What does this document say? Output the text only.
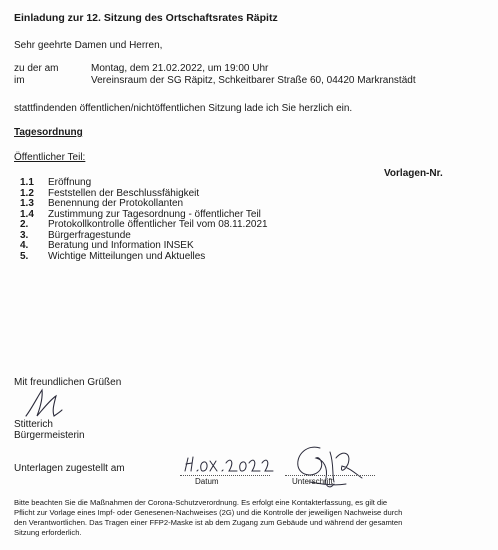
Einladung zur 12. Sitzung des Ortschaftsrates Räpitz
Sehr geehrte Damen und Herren,
zu der am	Montag, dem 21.02.2022, um 19:00 Uhr
im	Vereinsraum der SG Räpitz, Schkeitbarer Straße 60, 04420 Markranstädt
stattfindenden öffentlichen/nichtöffentlichen Sitzung lade ich Sie herzlich ein.
Tagesordnung
Öffentlicher Teil:
Vorlagen-Nr.
1.1	Eröffnung
1.2	Feststellen der Beschlussfähigkeit
1.3	Benennung der Protokollanten
1.4	Zustimmung zur Tagesordnung - öffentlicher Teil
2.	Protokollkontrolle öffentlicher Teil vom 08.11.2021
3.	Bürgerfragestunde
4.	Beratung und Information INSEK
5.	Wichtige Mitteilungen und Aktuelles
Mit freundlichen Grüßen
Stitterich
Bürgermeisterin
Unterlagen zugestellt am
Datum	Unterschrift
Bitte beachten Sie die Maßnahmen der Corona-Schutzverordnung. Es erfolgt eine Kontakterfassung, es gilt die
Pflicht zur Vorlage eines Impf- oder Genesenen-Nachweises (2G) und die Kontrolle der jeweiligen Nachweise durch
den Verantwortlichen. Das Tragen einer FFP2-Maske ist ab dem Zugang zum Gebäude und während der gesamten
Sitzung erforderlich.
